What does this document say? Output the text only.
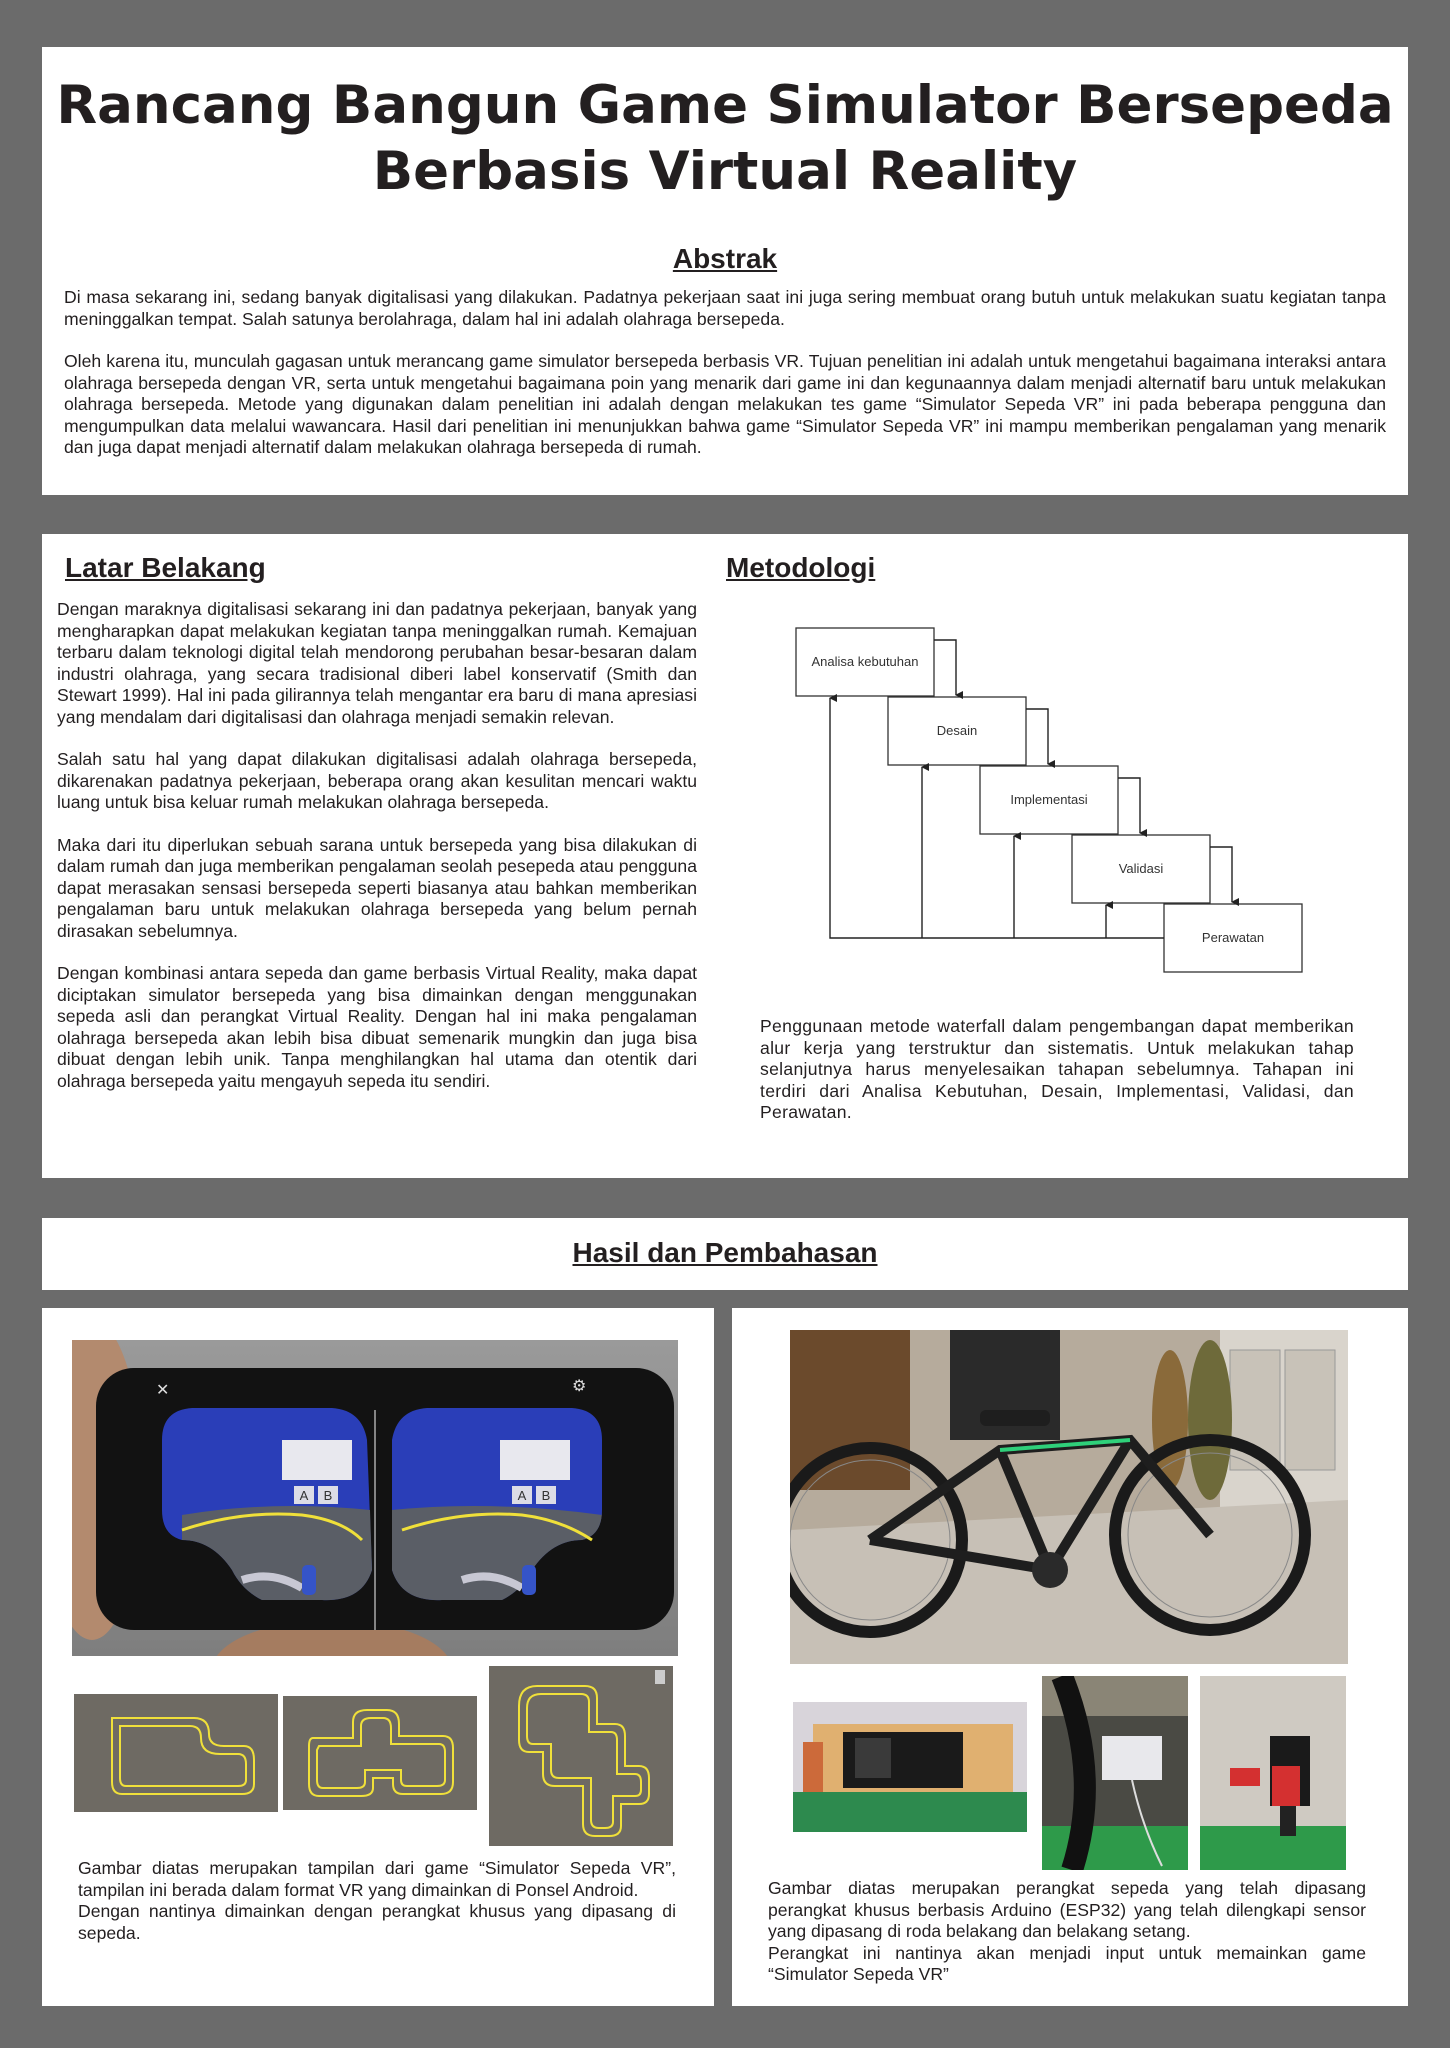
Rancang Bangun Game Simulator Bersepeda
Berbasis Virtual Reality
Abstrak

Di masa sekarang ini, sedang banyak digitalisasi yang dilakukan. Padatnya pekerjaan saat ini juga sering membuat orang butuh untuk melakukan suatu kegiatan tanpa meninggalkan tempat. Salah satunya berolahraga, dalam hal ini adalah olahraga bersepeda.

Oleh karena itu, munculah gagasan untuk merancang game simulator bersepeda berbasis VR. Tujuan penelitian ini adalah untuk mengetahui bagaimana interaksi antara olahraga bersepeda dengan VR, serta untuk mengetahui bagaimana poin yang menarik dari game ini dan kegunaannya dalam menjadi alternatif baru untuk melakukan olahraga bersepeda. Metode yang digunakan dalam penelitian ini adalah dengan melakukan tes game “Simulator Sepeda VR” ini pada beberapa pengguna dan mengumpulkan data melalui wawancara. Hasil dari penelitian ini menunjukkan bahwa game “Simulator Sepeda VR” ini mampu memberikan pengalaman yang menarik dan juga dapat menjadi alternatif dalam melakukan olahraga bersepeda di rumah.

Latar Belakang

Dengan maraknya digitalisasi sekarang ini dan padatnya pekerjaan, banyak yang mengharapkan dapat melakukan kegiatan tanpa meninggalkan rumah. Kemajuan terbaru dalam teknologi digital telah mendorong perubahan besar-besaran dalam industri olahraga, yang secara tradisional diberi label konservatif (Smith dan Stewart 1999). Hal ini pada gilirannya telah mengantar era baru di mana apresiasi yang mendalam dari digitalisasi dan olahraga menjadi semakin relevan.

Salah satu hal yang dapat dilakukan digitalisasi adalah olahraga bersepeda, dikarenakan padatnya pekerjaan, beberapa orang akan kesulitan mencari waktu luang untuk bisa keluar rumah melakukan olahraga bersepeda.

Maka dari itu diperlukan sebuah sarana untuk bersepeda yang bisa dilakukan di dalam rumah dan juga memberikan pengalaman seolah pesepeda atau pengguna dapat merasakan sensasi bersepeda seperti biasanya atau bahkan memberikan pengalaman baru untuk melakukan olahraga bersepeda yang belum pernah dirasakan sebelumnya.

Dengan kombinasi antara sepeda dan game berbasis Virtual Reality, maka dapat diciptakan simulator bersepeda yang bisa dimainkan dengan menggunakan sepeda asli dan perangkat Virtual Reality. Dengan hal ini maka pengalaman olahraga bersepeda akan lebih bisa dibuat semenarik mungkin dan juga bisa dibuat dengan lebih unik. Tanpa menghilangkan hal utama dan otentik dari olahraga bersepeda yaitu mengayuh sepeda itu sendiri.

Metodologi
Analisa kebutuhan
Desain
Implementasi
Validasi
Perawatan

Penggunaan metode waterfall dalam pengembangan dapat memberikan alur kerja yang terstruktur dan sistematis. Untuk melakukan tahap selanjutnya harus menyelesaikan tahapan sebelumnya. Tahapan ini terdiri dari Analisa Kebutuhan, Desain, Implementasi, Validasi, dan Perawatan.

Hasil dan Pembahasan
A B	A B
✕	⚙

Gambar diatas merupakan tampilan dari game “Simulator Sepeda VR”, tampilan ini berada dalam format VR yang dimainkan di Ponsel Android.

Dengan nantinya dimainkan dengan perangkat khusus yang dipasang di sepeda.

Gambar diatas merupakan perangkat sepeda yang telah dipasang perangkat khusus berbasis Arduino (ESP32) yang telah dilengkapi sensor yang dipasang di roda belakang dan belakang setang.

Perangkat ini nantinya akan menjadi input untuk memainkan game “Simulator Sepeda VR”
